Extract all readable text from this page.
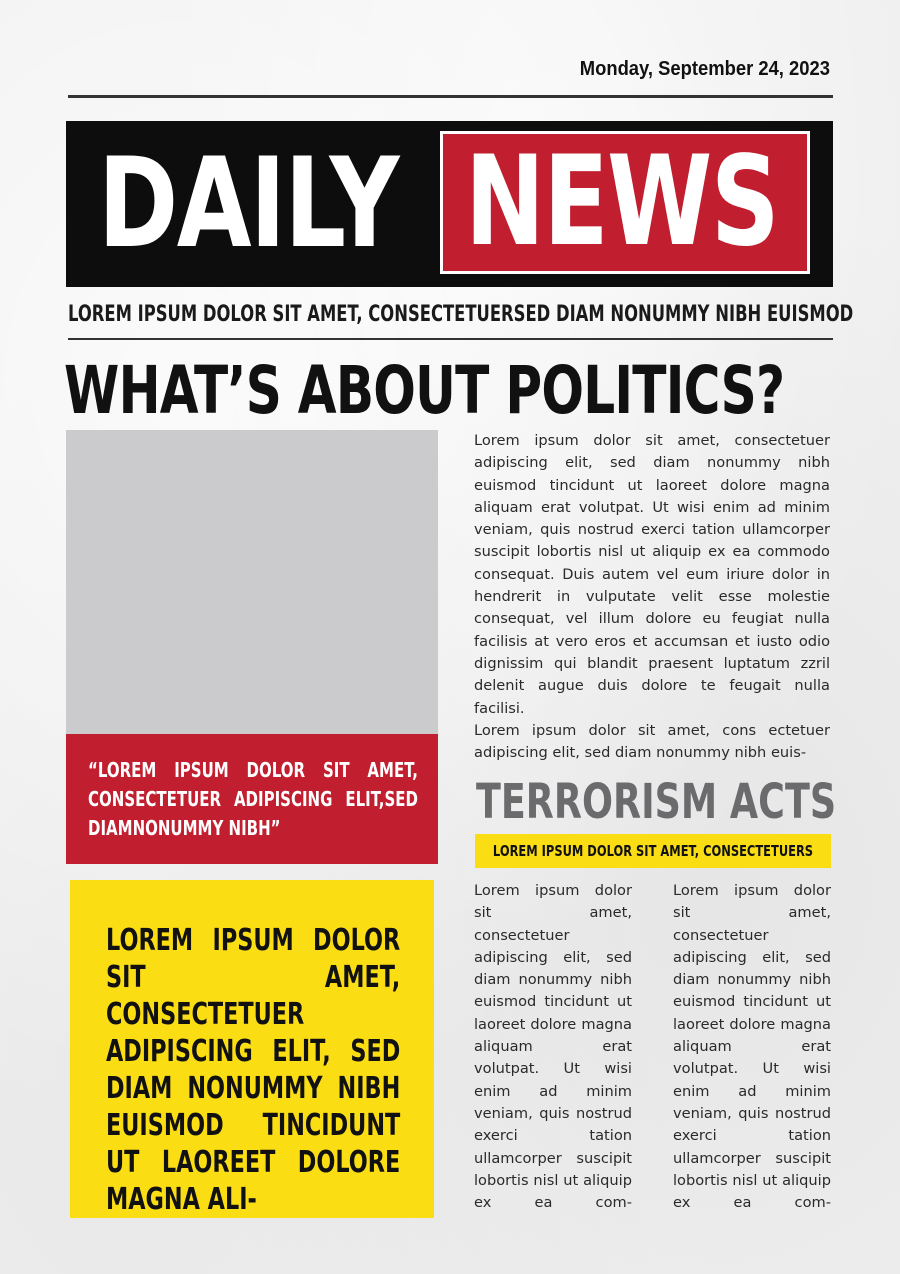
Monday, September 24, 2023
DAILY NEWS
LOREM IPSUM DOLOR SIT AMET, CONSECTETUERSED DIAM NONUMMY NIBH EUISMOD
WHAT’S ABOUT POLITICS?
“LOREM IPSUM DOLOR SIT AMET, CONSECTETUER ADIPISCING ELIT,SED DIAMNONUMMY NIBH”
LOREM IPSUM DOLOR SIT AMET, CONSECTETUER ADIPISCING ELIT, SED DIAM NONUMMY NIBH EUISMOD TINCIDUNT UT LAOREET DOLORE MAGNA ALI-

Lorem ipsum dolor sit amet, consectetuer adipiscing elit, sed diam nonummy nibh euismod tincidunt ut laoreet dolore magna aliquam erat volutpat. Ut wisi enim ad minim veniam, quis nostrud exerci tation ullamcorper suscipit lobortis nisl ut aliquip ex ea commodo consequat. Duis autem vel eum iriure dolor in hendrerit in vulputate velit esse molestie consequat, vel illum dolore eu feugiat nulla facilisis at vero eros et accumsan et iusto odio dignissim qui blandit praesent luptatum zzril delenit augue duis dolore te feugait nulla facilisi.

Lorem ipsum dolor sit amet, cons ectetuer adipiscing elit, sed diam nonummy nibh euis-

TERRORISM ACTS
LOREM IPSUM DOLOR SIT AMET, CONSECTETUERS
Lorem ipsum dolor sit amet, consectetuer adipiscing elit, sed diam nonummy nibh euismod tincidunt ut laoreet dolore magna aliquam erat volutpat. Ut wisi enim ad minim veniam, quis nostrud exerci tation ullamcorper suscipit lobortis nisl ut aliquip ex ea com-
Lorem ipsum dolor sit amet, consectetuer adipiscing elit, sed diam nonummy nibh euismod tincidunt ut laoreet dolore magna aliquam erat volutpat. Ut wisi enim ad minim veniam, quis nostrud exerci tation ullamcorper suscipit lobortis nisl ut aliquip ex ea com-
